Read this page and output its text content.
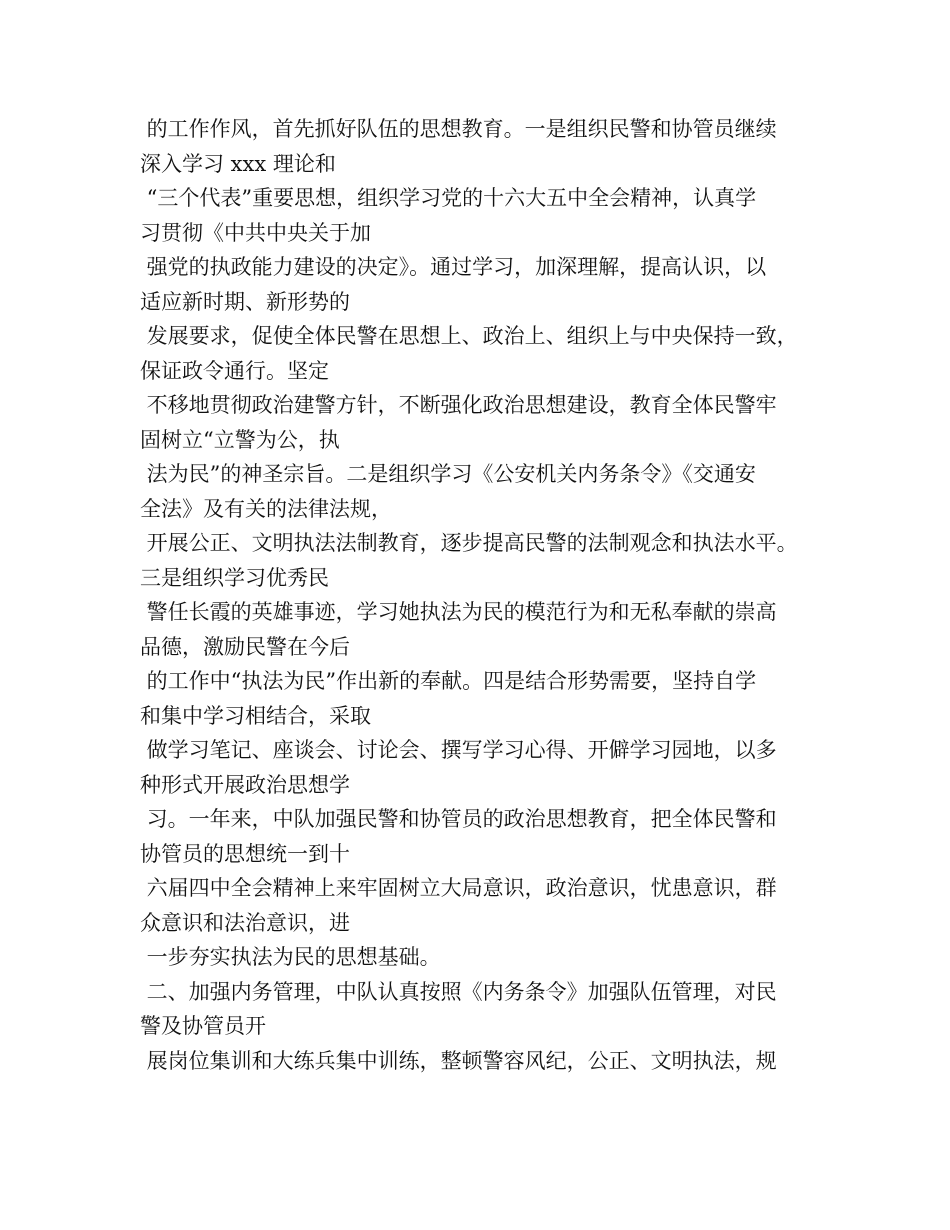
的工作作风，首先抓好队伍的思想教育。一是组织民警和协管员继续
深入学习 xxx 理论和
“三个代表”重要思想，组织学习党的十六大五中全会精神，认真学
习贯彻《中共中央关于加
强党的执政能力建设的决定》。通过学习，加深理解，提高认识，以
适应新时期、新形势的
发展要求，促使全体民警在思想上、政治上、组织上与中央保持一致，
保证政令通行。坚定
不移地贯彻政治建警方针，不断强化政治思想建设，教育全体民警牢
固树立“立警为公，执
法为民”的神圣宗旨。二是组织学习《公安机关内务条令》《交通安
全法》及有关的法律法规，
开展公正、文明执法法制教育，逐步提高民警的法制观念和执法水平。
三是组织学习优秀民
警任长霞的英雄事迹，学习她执法为民的模范行为和无私奉献的崇高
品德，激励民警在今后
的工作中“执法为民”作出新的奉献。四是结合形势需要，坚持自学
和集中学习相结合，采取
做学习笔记、座谈会、讨论会、撰写学习心得、开僻学习园地，以多
种形式开展政治思想学
习。一年来，中队加强民警和协管员的政治思想教育，把全体民警和
协管员的思想统一到十
六届四中全会精神上来牢固树立大局意识，政治意识，忧患意识，群
众意识和法治意识，进
一步夯实执法为民的思想基础。
二、加强内务管理，中队认真按照《内务条令》加强队伍管理，对民
警及协管员开
展岗位集训和大练兵集中训练，整顿警容风纪，公正、文明执法，规
